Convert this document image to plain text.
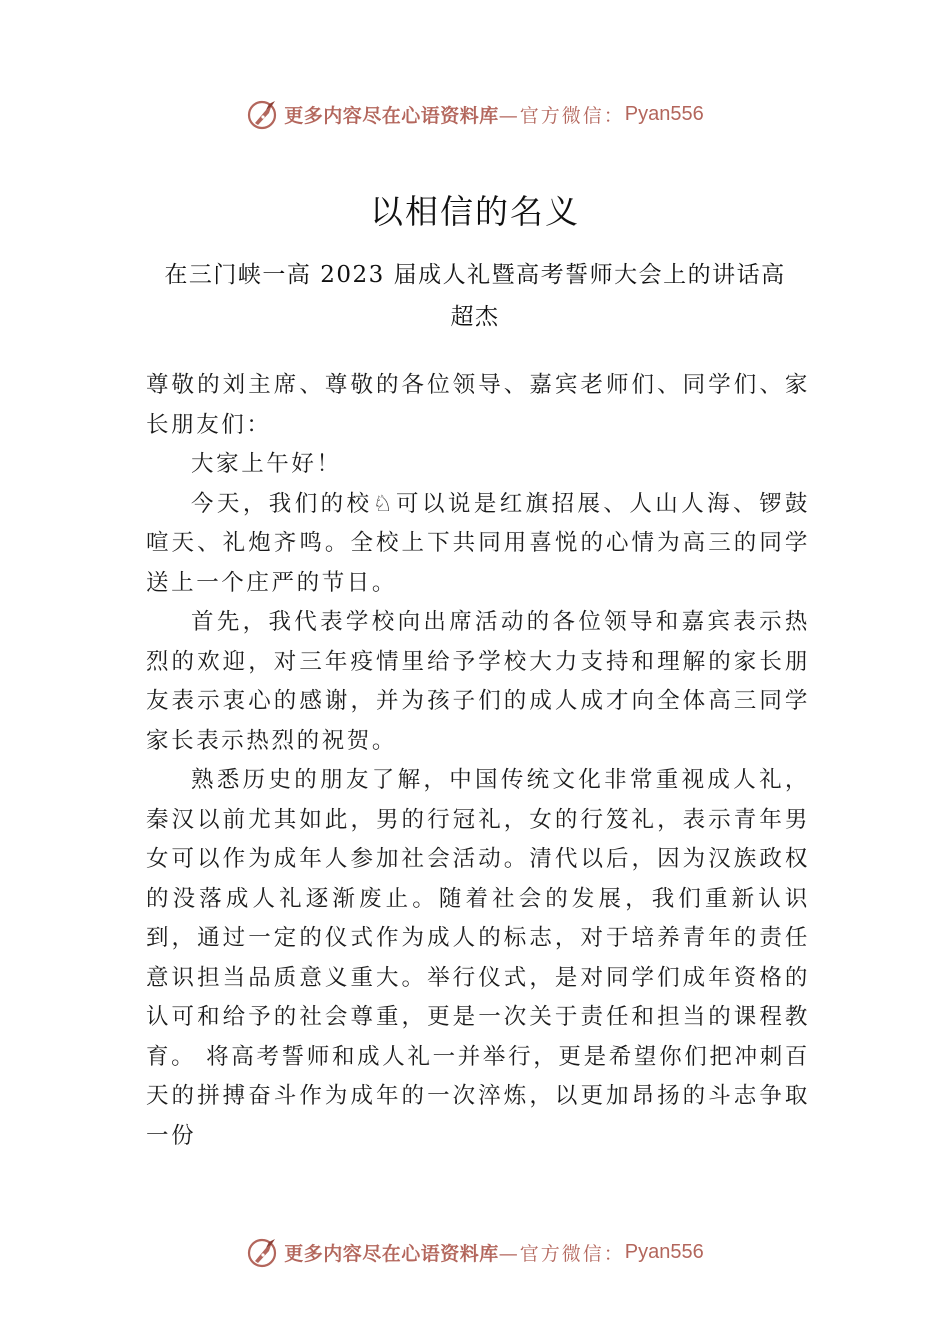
更多内容尽在心语资料库 —官方微信： Pyan556
以相信的名义
在三门峡一高 2023 届成人礼暨高考誓师大会上的讲话高超杰

尊敬的刘主席、尊敬的各位领导、嘉宾老师们、同学们、家长朋友们：

大家上午好！

今天，我们的校♘可以说是红旗招展、人山人海、锣鼓喧天、礼炮齐鸣。全校上下共同用喜悦的心情为高三的同学送上一个庄严的节日。

首先，我代表学校向出席活动的各位领导和嘉宾表示热烈的欢迎，对三年疫情里给予学校大力支持和理解的家长朋友表示衷心的感谢，并为孩子们的成人成才向全体高三同学家长表示热烈的祝贺。

熟悉历史的朋友了解，中国传统文化非常重视成人礼，秦汉以前尤其如此，男的行冠礼，女的行笈礼，表示青年男女可以作为成年人参加社会活动。清代以后，因为汉族政权的没落成人礼逐渐废止。随着社会的发展，我们重新认识到，通过一定的仪式作为成人的标志，对于培养青年的责任意识担当品质意义重大。举行仪式，是对同学们成年资格的认可和给予的社会尊重，更是一次关于责任和担当的课程教育。 将高考誓师和成人礼一并举行，更是希望你们把冲刺百天的拼搏奋斗作为成年的一次淬炼，以更加昂扬的斗志争取一份

更多内容尽在心语资料库 —官方微信： Pyan556
